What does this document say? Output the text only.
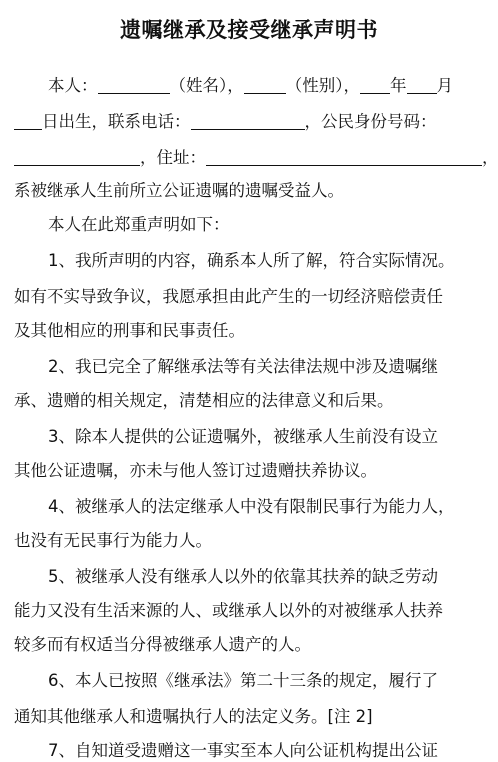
遗嘱继承及接受继承声明书
本人：	（姓名），	（性别）， 年 月
日出生，联系电话：	，公民身份号码：
，住址：	，
系被继承人生前所立公证遗嘱的遗嘱受益人。
本人在此郑重声明如下：
1、我所声明的内容，确系本人所了解，符合实际情况。
如有不实导致争议，我愿承担由此产生的一切经济赔偿责任
及其他相应的刑事和民事责任。
2、我已完全了解继承法等有关法律法规中涉及遗嘱继
承、遗赠的相关规定，清楚相应的法律意义和后果。
3、除本人提供的公证遗嘱外，被继承人生前没有设立
其他公证遗嘱，亦未与他人签订过遗赠扶养协议。
4、被继承人的法定继承人中没有限制民事行为能力人，
也没有无民事行为能力人。
5、被继承人没有继承人以外的依靠其扶养的缺乏劳动
能力又没有生活来源的人、或继承人以外的对被继承人扶养
较多而有权适当分得被继承人遗产的人。
6、本人已按照《继承法》第二十三条的规定，履行了
通知其他继承人和遗嘱执行人的法定义务。[注 2]
7、自知道受遗赠这一事实至本人向公证机构提出公证
